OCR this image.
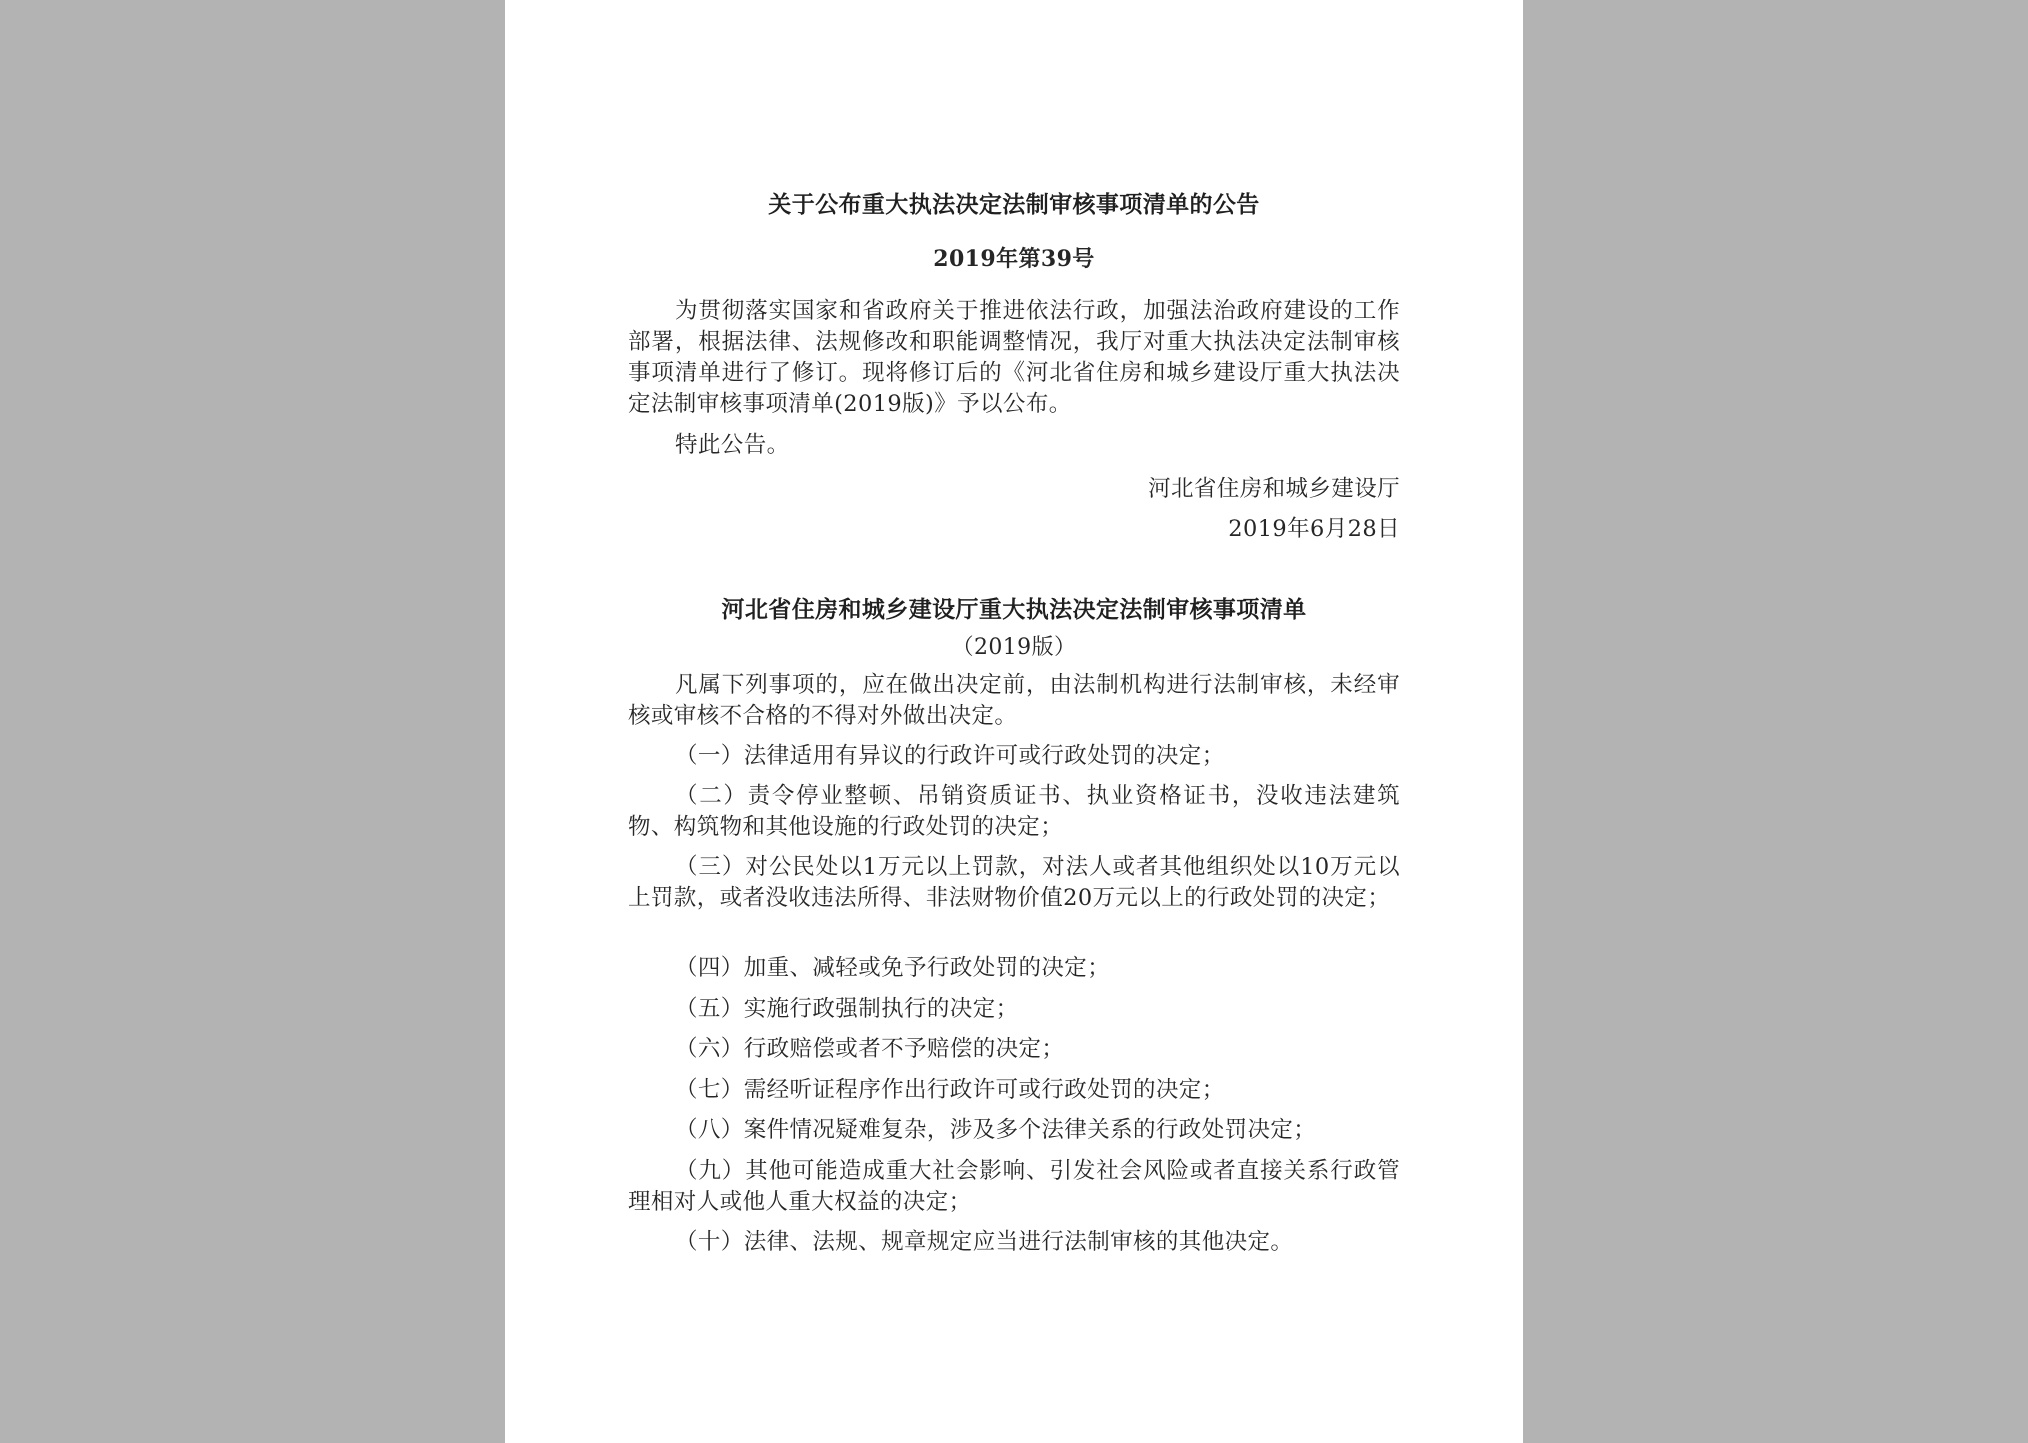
关于公布重大执法决定法制审核事项清单的公告
2019年第39号

为贯彻落实国家和省政府关于推进依法行政，加强法治政府建设的工作部署，根据法律、法规修改和职能调整情况，我厅对重大执法决定法制审核事项清单进行了修订。现将修订后的《河北省住房和城乡建设厅重大执法决定法制审核事项清单(2019版)》予以公布。

特此公告。

河北省住房和城乡建设厅
2019年6月28日
河北省住房和城乡建设厅重大执法决定法制审核事项清单
（2019版）

凡属下列事项的，应在做出决定前，由法制机构进行法制审核，未经审核或审核不合格的不得对外做出决定。

（一）法律适用有异议的行政许可或行政处罚的决定；

（二）责令停业整顿、吊销资质证书、执业资格证书，没收违法建筑物、构筑物和其他设施的行政处罚的决定；

（三）对公民处以1万元以上罚款，对法人或者其他组织处以10万元以上罚款，或者没收违法所得、非法财物价值20万元以上的行政处罚的决定；

（四）加重、减轻或免予行政处罚的决定；

（五）实施行政强制执行的决定；

（六）行政赔偿或者不予赔偿的决定；

（七）需经听证程序作出行政许可或行政处罚的决定；

（八）案件情况疑难复杂，涉及多个法律关系的行政处罚决定；

（九）其他可能造成重大社会影响、引发社会风险或者直接关系行政管理相对人或他人重大权益的决定；

（十）法律、法规、规章规定应当进行法制审核的其他决定。
